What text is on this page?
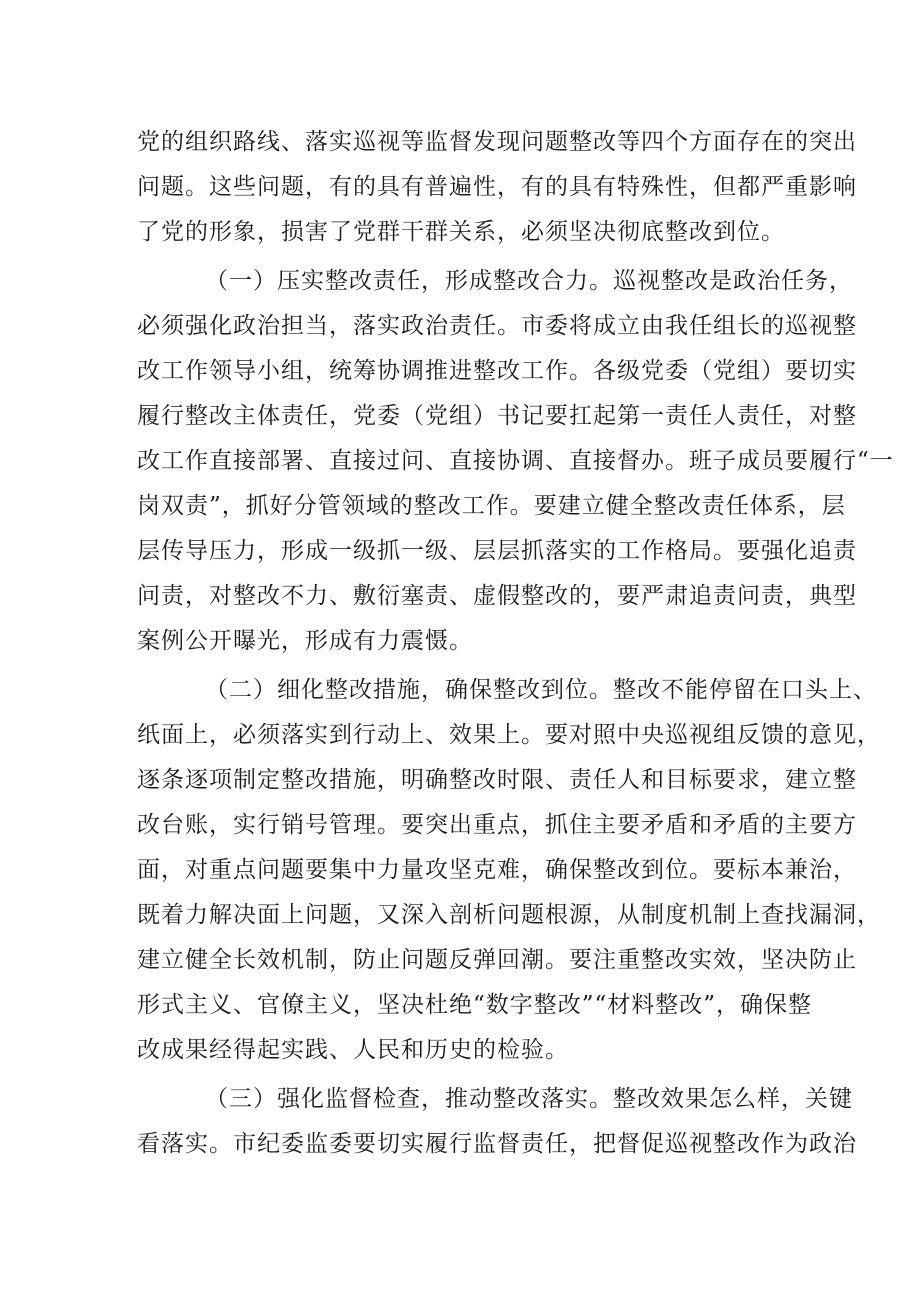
党的组织路线、落实巡视等监督发现问题整改等四个方面存在的突出
问题。这些问题，有的具有普遍性，有的具有特殊性，但都严重影响
了党的形象，损害了党群干群关系，必须坚决彻底整改到位。
（一）压实整改责任，形成整改合力。巡视整改是政治任务，
必须强化政治担当，落实政治责任。市委将成立由我任组长的巡视整
改工作领导小组，统筹协调推进整改工作。各级党委（党组）要切实
履行整改主体责任，党委（党组）书记要扛起第一责任人责任，对整
改工作直接部署、直接过问、直接协调、直接督办。班子成员要履行“一
岗双责”，抓好分管领域的整改工作。要建立健全整改责任体系，层
层传导压力，形成一级抓一级、层层抓落实的工作格局。要强化追责
问责，对整改不力、敷衍塞责、虚假整改的，要严肃追责问责，典型
案例公开曝光，形成有力震慑。
（二）细化整改措施，确保整改到位。整改不能停留在口头上、
纸面上，必须落实到行动上、效果上。要对照中央巡视组反馈的意见，
逐条逐项制定整改措施，明确整改时限、责任人和目标要求，建立整
改台账，实行销号管理。要突出重点，抓住主要矛盾和矛盾的主要方
面，对重点问题要集中力量攻坚克难，确保整改到位。要标本兼治，
既着力解决面上问题，又深入剖析问题根源，从制度机制上查找漏洞，
建立健全长效机制，防止问题反弹回潮。要注重整改实效，坚决防止
形式主义、官僚主义，坚决杜绝“数字整改”“材料整改”，确保整
改成果经得起实践、人民和历史的检验。
（三）强化监督检查，推动整改落实。整改效果怎么样，关键
看落实。市纪委监委要切实履行监督责任，把督促巡视整改作为政治
